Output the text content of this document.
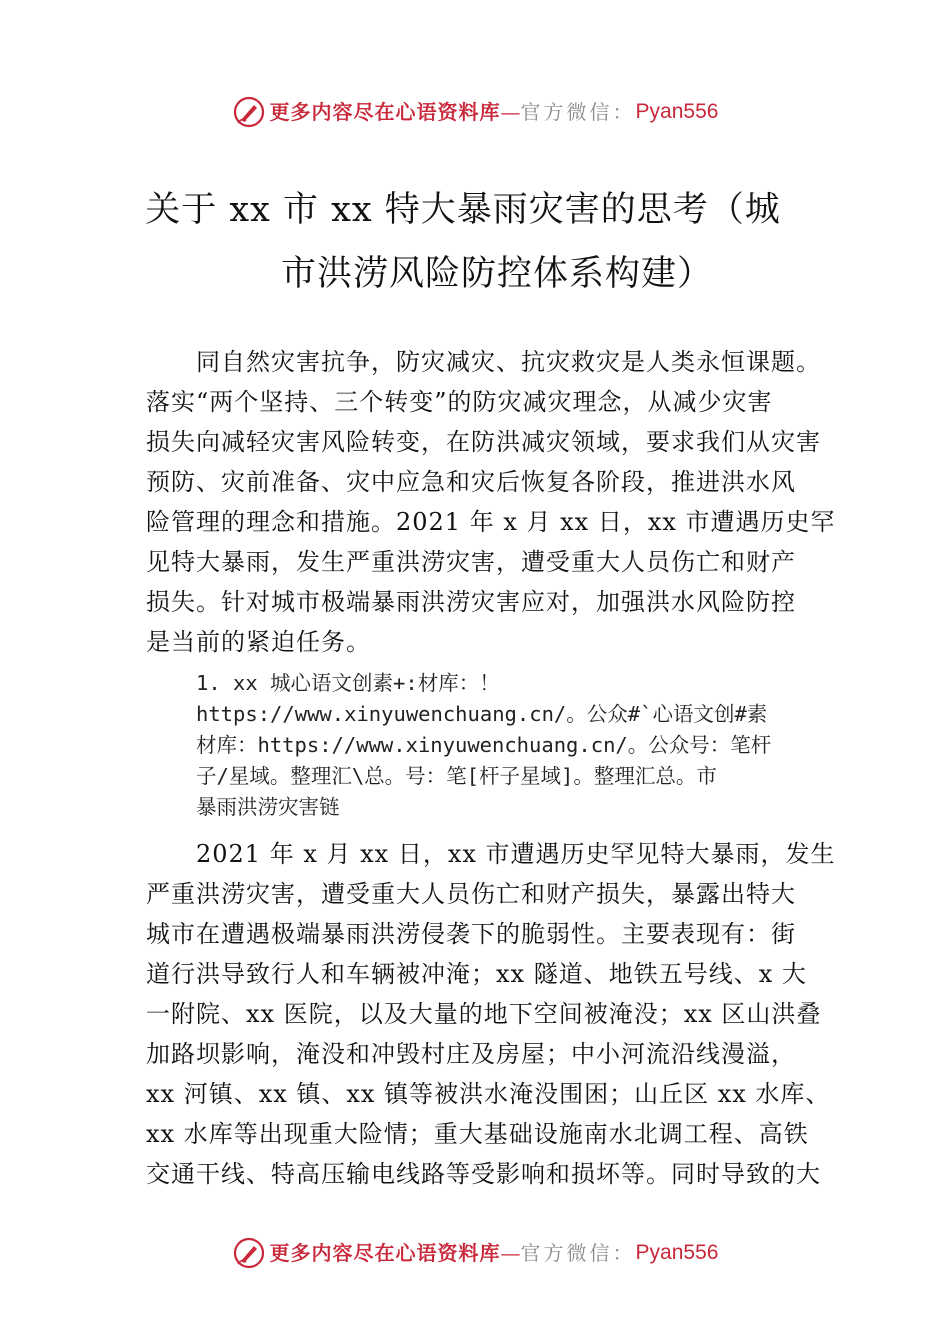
更多内容尽在心语资料库—官方微信：Pyan556
关于 xx 市 xx 特大暴雨灾害的思考（城
市洪涝风险防控体系构建）
同自然灾害抗争，防灾减灾、抗灾救灾是人类永恒课题。
落实“两个坚持、三个转变”的防灾减灾理念，从减少灾害
损失向减轻灾害风险转变，在防洪减灾领域，要求我们从灾害
预防、灾前准备、灾中应急和灾后恢复各阶段，推进洪水风
险管理的理念和措施。2021 年 x 月 xx 日，xx 市遭遇历史罕
见特大暴雨，发生严重洪涝灾害，遭受重大人员伤亡和财产
损失。针对城市极端暴雨洪涝灾害应对，加强洪水风险防控
是当前的紧迫任务。
1. xx 城心语文创素+:材库：！
https://www.xinyuwenchuang.cn/。公众#`心语文创#素
材库：https://www.xinyuwenchuang.cn/。公众号：笔杆
子/星域。整理汇\总。号：笔[杆子星域]。整理汇总。市
暴雨洪涝灾害链
2021 年 x 月 xx 日，xx 市遭遇历史罕见特大暴雨，发生
严重洪涝灾害，遭受重大人员伤亡和财产损失，暴露出特大
城市在遭遇极端暴雨洪涝侵袭下的脆弱性。主要表现有：街
道行洪导致行人和车辆被冲淹；xx 隧道、地铁五号线、x 大
一附院、xx 医院，以及大量的地下空间被淹没；xx 区山洪叠
加路坝影响，淹没和冲毁村庄及房屋；中小河流沿线漫溢，
xx 河镇、xx 镇、xx 镇等被洪水淹没围困；山丘区 xx 水库、
xx 水库等出现重大险情；重大基础设施南水北调工程、高铁
交通干线、特高压输电线路等受影响和损坏等。同时导致的大
更多内容尽在心语资料库—官方微信：Pyan556
